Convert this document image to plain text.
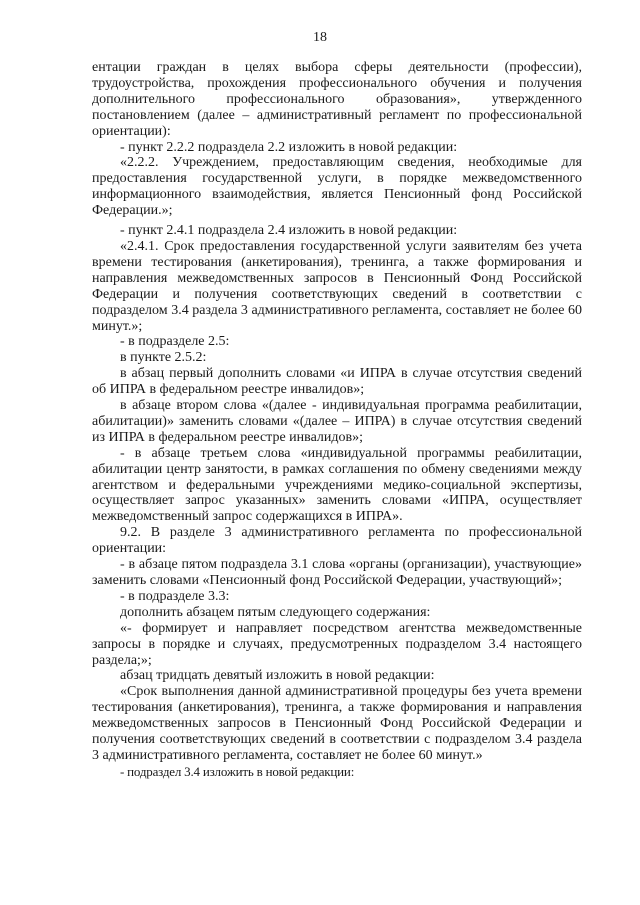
18

ентации граждан в целях выбора сферы деятельности (профессии), трудоустройства, прохождения профессионального обучения и получения дополнительного профессионального образования», утвержденного постановлением (далее – административный регламент по профессиональной ориентации):

- пункт 2.2.2 подраздела 2.2 изложить в новой редакции:

«2.2.2. Учреждением, предоставляющим сведения, необходимые для предоставления государственной услуги, в порядке межведомственного информационного взаимодействия, является Пенсионный фонд Российской Федерации.»;

- пункт 2.4.1 подраздела 2.4 изложить в новой редакции:

«2.4.1. Срок предоставления государственной услуги заявителям без учета времени тестирования (анкетирования), тренинга, а также формирования и направления межведомственных запросов в Пенсионный Фонд Российской Федерации и получения соответствующих сведений в соответствии с подразделом 3.4 раздела 3 административного регламента, составляет не более 60 минут.»;

- в подразделе 2.5:

в пункте 2.5.2:

в абзац первый дополнить словами «и ИПРА в случае отсутствия сведений об ИПРА в федеральном реестре инвалидов»;

в абзаце втором слова «(далее - индивидуальная программа реабилитации, абилитации)» заменить словами «(далее – ИПРА) в случае отсутствия сведений из ИПРА в федеральном реестре инвалидов»;

- в абзаце третьем слова «индивидуальной программы реабилитации, абилитации центр занятости, в рамках соглашения по обмену сведениями между агентством и федеральными учреждениями медико-социальной экспертизы, осуществляет запрос указанных» заменить словами «ИПРА, осуществляет межведомственный запрос содержащихся в ИПРА».

9.2. В разделе 3 административного регламента по профессиональной ориентации:

- в абзаце пятом подраздела 3.1 слова «органы (организации), участвующие» заменить словами «Пенсионный фонд Российской Федерации, участвующий»;

- в подразделе 3.3:

дополнить абзацем пятым следующего содержания:

«- формирует и направляет посредством агентства межведомственные запросы в порядке и случаях, предусмотренных подразделом 3.4 настоящего раздела;»;

абзац тридцать девятый изложить в новой редакции:

«Срок выполнения данной административной процедуры без учета времени тестирования (анкетирования), тренинга, а также формирования и направления межведомственных запросов в Пенсионный Фонд Российской Федерации и получения соответствующих сведений в соответствии с подразделом 3.4 раздела 3 административного регламента, составляет не более 60 минут.»

- подраздел 3.4 изложить в новой редакции:
